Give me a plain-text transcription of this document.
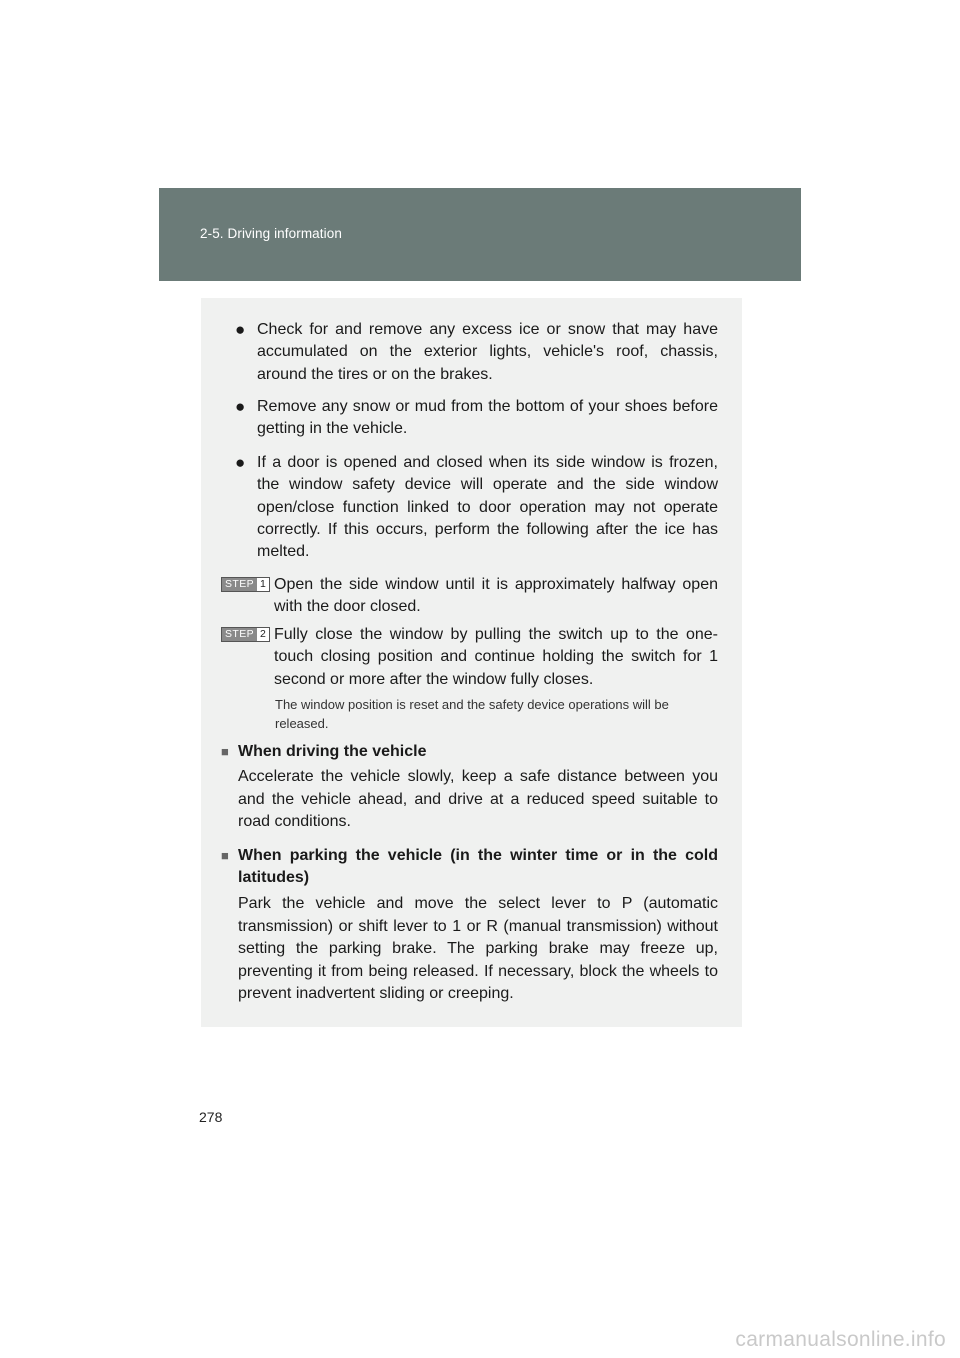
2-5. Driving information
● Check for and remove any excess ice or snow that may have accumulated on the exterior lights, vehicle's roof, chassis, around the tires or on the brakes.
● Remove any snow or mud from the bottom of your shoes before getting in the vehicle.
● If a door is opened and closed when its side window is frozen, the window safety device will operate and the side window open/close function linked to door operation may not operate correctly. If this occurs, perform the following after the ice has melted.
STEP 1 Open the side window until it is approximately halfway open with the door closed.
STEP 2 Fully close the window by pulling the switch up to the one-touch closing position and continue holding the switch for 1 second or more after the window fully closes.
The window position is reset and the safety device operations will be released.
■ When driving the vehicle
Accelerate the vehicle slowly, keep a safe distance between you and the vehicle ahead, and drive at a reduced speed suitable to road conditions.
■ When parking the vehicle (in the winter time or in the cold latitudes)
Park the vehicle and move the select lever to P (automatic transmission) or shift lever to 1 or R (manual transmission) without setting the parking brake. The parking brake may freeze up, preventing it from being released. If necessary, block the wheels to prevent inadvertent sliding or creeping.
278
carmanualsonline.info
